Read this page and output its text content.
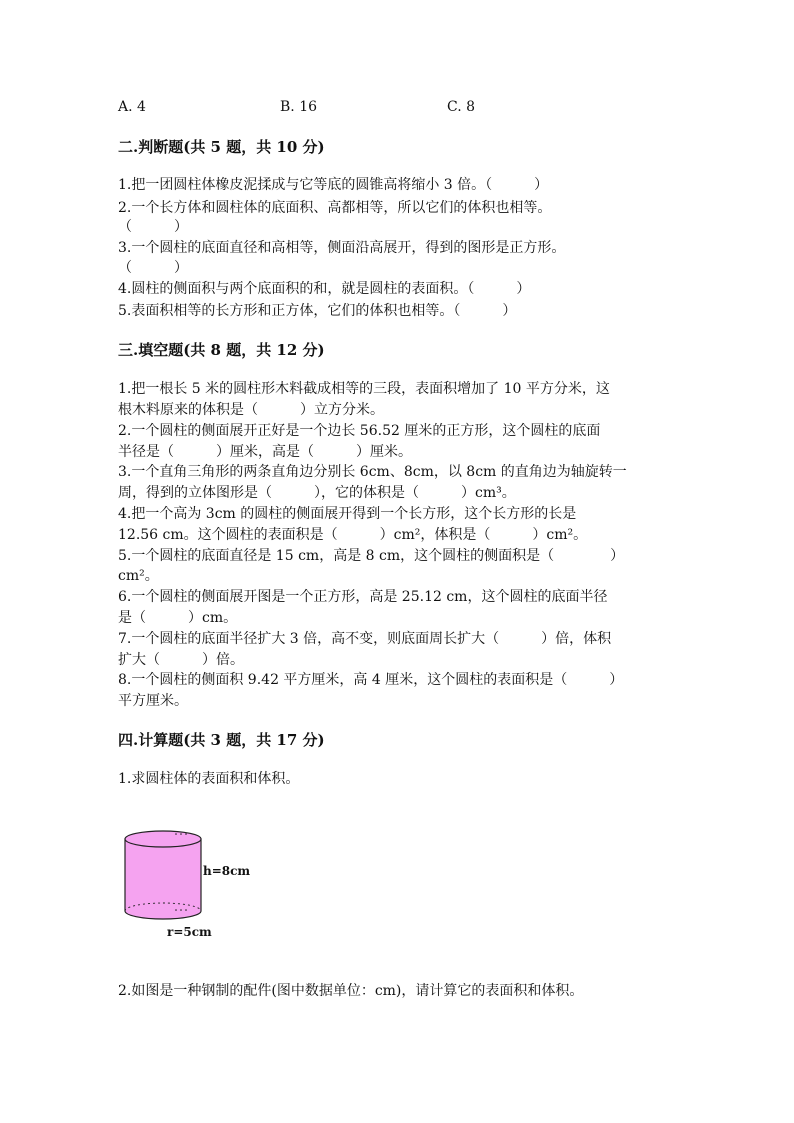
A. 4	B. 16	C. 8
二.判断题(共 5 题，共 10 分)
1.把一团圆柱体橡皮泥揉成与它等底的圆锥高将缩小 3 倍。（　　　）
2.一个长方体和圆柱体的底面积、高都相等，所以它们的体积也相等。
（　　　）
3.一个圆柱的底面直径和高相等，侧面沿高展开，得到的图形是正方形。
（　　　）
4.圆柱的侧面积与两个底面积的和，就是圆柱的表面积。（　　　）
5.表面积相等的长方形和正方体，它们的体积也相等。（　　　）
三.填空题(共 8 题，共 12 分)
1.把一根长 5 米的圆柱形木料截成相等的三段，表面积增加了 10 平方分米，这
根木料原来的体积是（　　　）立方分米。
2.一个圆柱的侧面展开正好是一个边长 56.52 厘米的正方形，这个圆柱的底面
半径是（　　　）厘米，高是（　　　）厘米。
3.一个直角三角形的两条直角边分别长 6cm、8cm，以 8cm 的直角边为轴旋转一
周，得到的立体图形是（　　　），它的体积是（　　　）cm³。
4.把一个高为 3cm 的圆柱的侧面展开得到一个长方形，这个长方形的长是
12.56 cm。这个圆柱的表面积是（　　　）cm²，体积是（　　　）cm²。
5.一个圆柱的底面直径是 15 cm，高是 8 cm，这个圆柱的侧面积是（　　　　）
cm²。
6.一个圆柱的侧面展开图是一个正方形，高是 25.12 cm，这个圆柱的底面半径
是（　　　）cm。
7.一个圆柱的底面半径扩大 3 倍，高不变，则底面周长扩大（　　　）倍，体积
扩大（　　　）倍。
8.一个圆柱的侧面积 9.42 平方厘米，高 4 厘米，这个圆柱的表面积是（　　　）
平方厘米。
四.计算题(共 3 题，共 17 分)
1.求圆柱体的表面积和体积。
h=8cm
r=5cm
2.如图是一种钢制的配件(图中数据单位：cm)，请计算它的表面积和体积。
